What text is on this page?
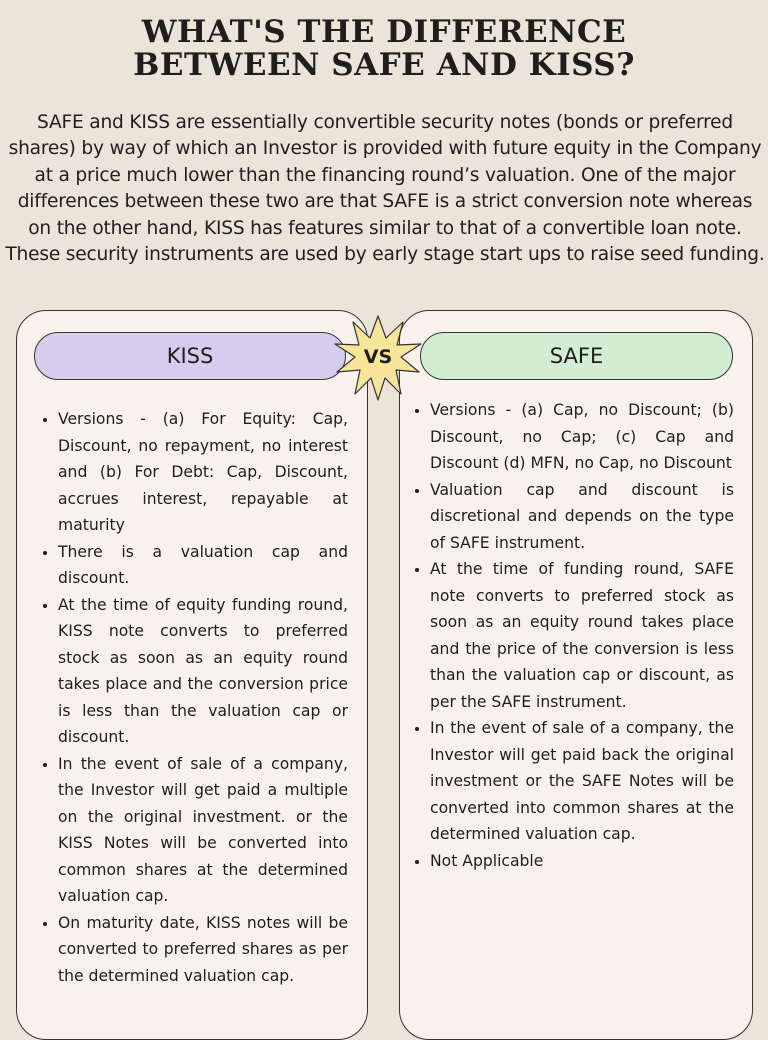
WHAT'S THE DIFFERENCE
BETWEEN SAFE AND KISS?

SAFE and KISS are essentially convertible security notes (bonds or preferred shares) by way of which an Investor is provided with future equity in the Company at a price much lower than the financing round’s valuation. One of the major differences between these two are that SAFE is a strict conversion note whereas on the other hand, KISS has features similar to that of a convertible loan note. These security instruments are used by early stage start ups to raise seed funding.

KISS	SAFE
VS
• Versions - (a) For Equity: Cap, Discount, no repayment, no interest and (b) For Debt: Cap, Discount, accrues interest, repayable at maturity
• There is a valuation cap and discount.
• At the time of equity funding round, KISS note converts to preferred stock as soon as an equity round takes place and the conversion price is less than the valuation cap or discount.
• In the event of sale of a company, the Investor will get paid a multiple on the original investment. or the KISS Notes will be converted into common shares at the determined valuation cap.
• On maturity date, KISS notes will be converted to preferred shares as per the determined valuation cap.
• Versions - (a) Cap, no Discount; (b) Discount, no Cap; (c) Cap and Discount (d) MFN, no Cap, no Discount
• Valuation cap and discount is discretional and depends on the type of SAFE instrument.
• At the time of funding round, SAFE note converts to preferred stock as soon as an equity round takes place and the price of the conversion is less than the valuation cap or discount, as per the SAFE instrument.
• In the event of sale of a company, the Investor will get paid back the original investment or the SAFE Notes will be converted into common shares at the determined valuation cap.
• Not Applicable
